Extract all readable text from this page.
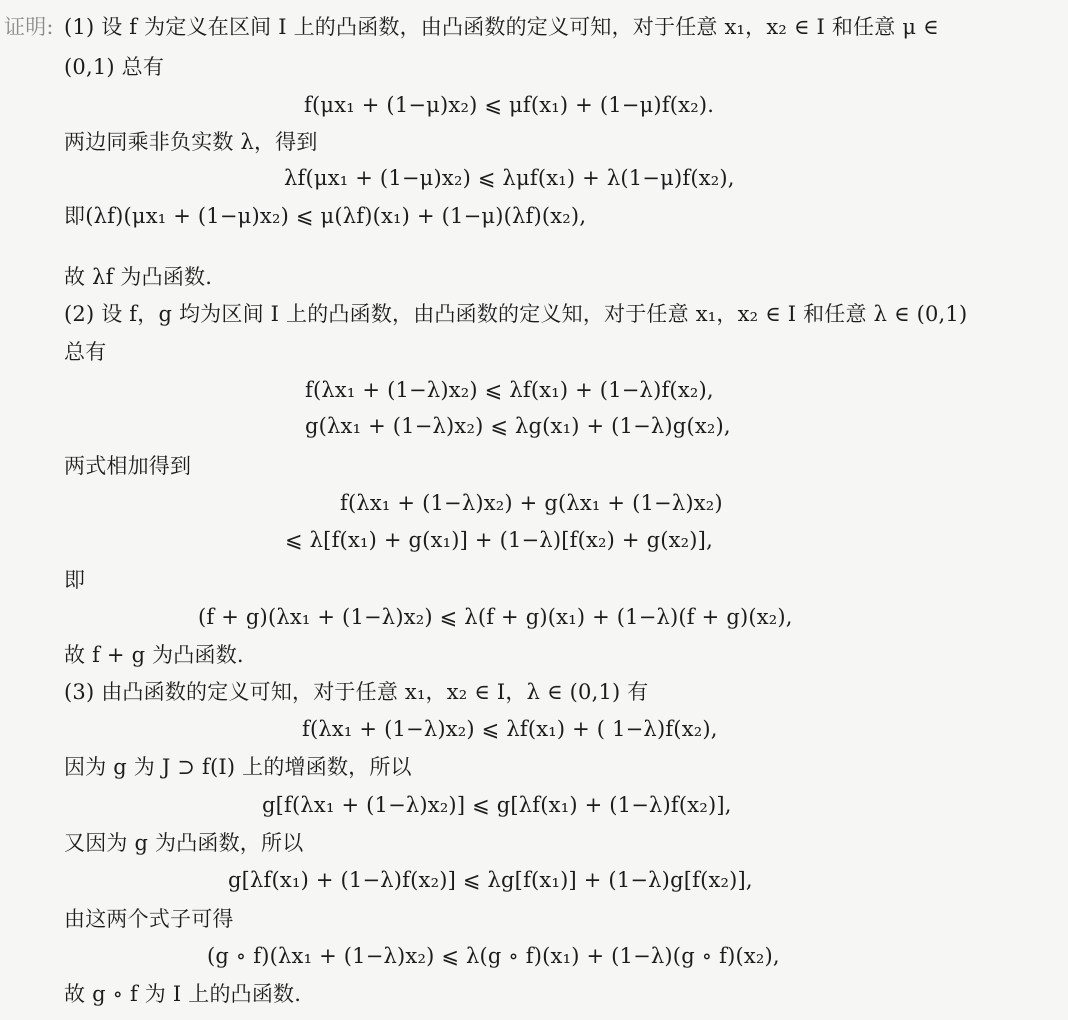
证明: (1) 设 f 为定义在区间 I 上的凸函数，由凸函数的定义可知，对于任意 x₁，x₂ ∈ I 和任意 μ ∈
(0,1) 总有
f(μx₁ + (1−μ)x₂) ⩽ μf(x₁) + (1−μ)f(x₂).
两边同乘非负实数 λ，得到
λf(μx₁ + (1−μ)x₂) ⩽ λμf(x₁) + λ(1−μ)f(x₂),
即(λf)(μx₁ + (1−μ)x₂) ⩽ μ(λf)(x₁) + (1−μ)(λf)(x₂),
故 λf 为凸函数.
(2) 设 f，g 均为区间 I 上的凸函数，由凸函数的定义知，对于任意 x₁，x₂ ∈ I 和任意 λ ∈ (0,1)
总有
f(λx₁ + (1−λ)x₂) ⩽ λf(x₁) + (1−λ)f(x₂),
g(λx₁ + (1−λ)x₂) ⩽ λg(x₁) + (1−λ)g(x₂),
两式相加得到
f(λx₁ + (1−λ)x₂) + g(λx₁ + (1−λ)x₂)
⩽ λ[f(x₁) + g(x₁)] + (1−λ)[f(x₂) + g(x₂)],
即
(f + g)(λx₁ + (1−λ)x₂) ⩽ λ(f + g)(x₁) + (1−λ)(f + g)(x₂),
故 f + g 为凸函数.
(3) 由凸函数的定义可知，对于任意 x₁，x₂ ∈ I，λ ∈ (0,1) 有
f(λx₁ + (1−λ)x₂) ⩽ λf(x₁) + ( 1−λ)f(x₂),
因为 g 为 J ⊃ f(I) 上的增函数，所以
g[f(λx₁ + (1−λ)x₂)] ⩽ g[λf(x₁) + (1−λ)f(x₂)],
又因为 g 为凸函数，所以
g[λf(x₁) + (1−λ)f(x₂)] ⩽ λg[f(x₁)] + (1−λ)g[f(x₂)],
由这两个式子可得
(g ∘ f)(λx₁ + (1−λ)x₂) ⩽ λ(g ∘ f)(x₁) + (1−λ)(g ∘ f)(x₂),
故 g ∘ f 为 I 上的凸函数.
